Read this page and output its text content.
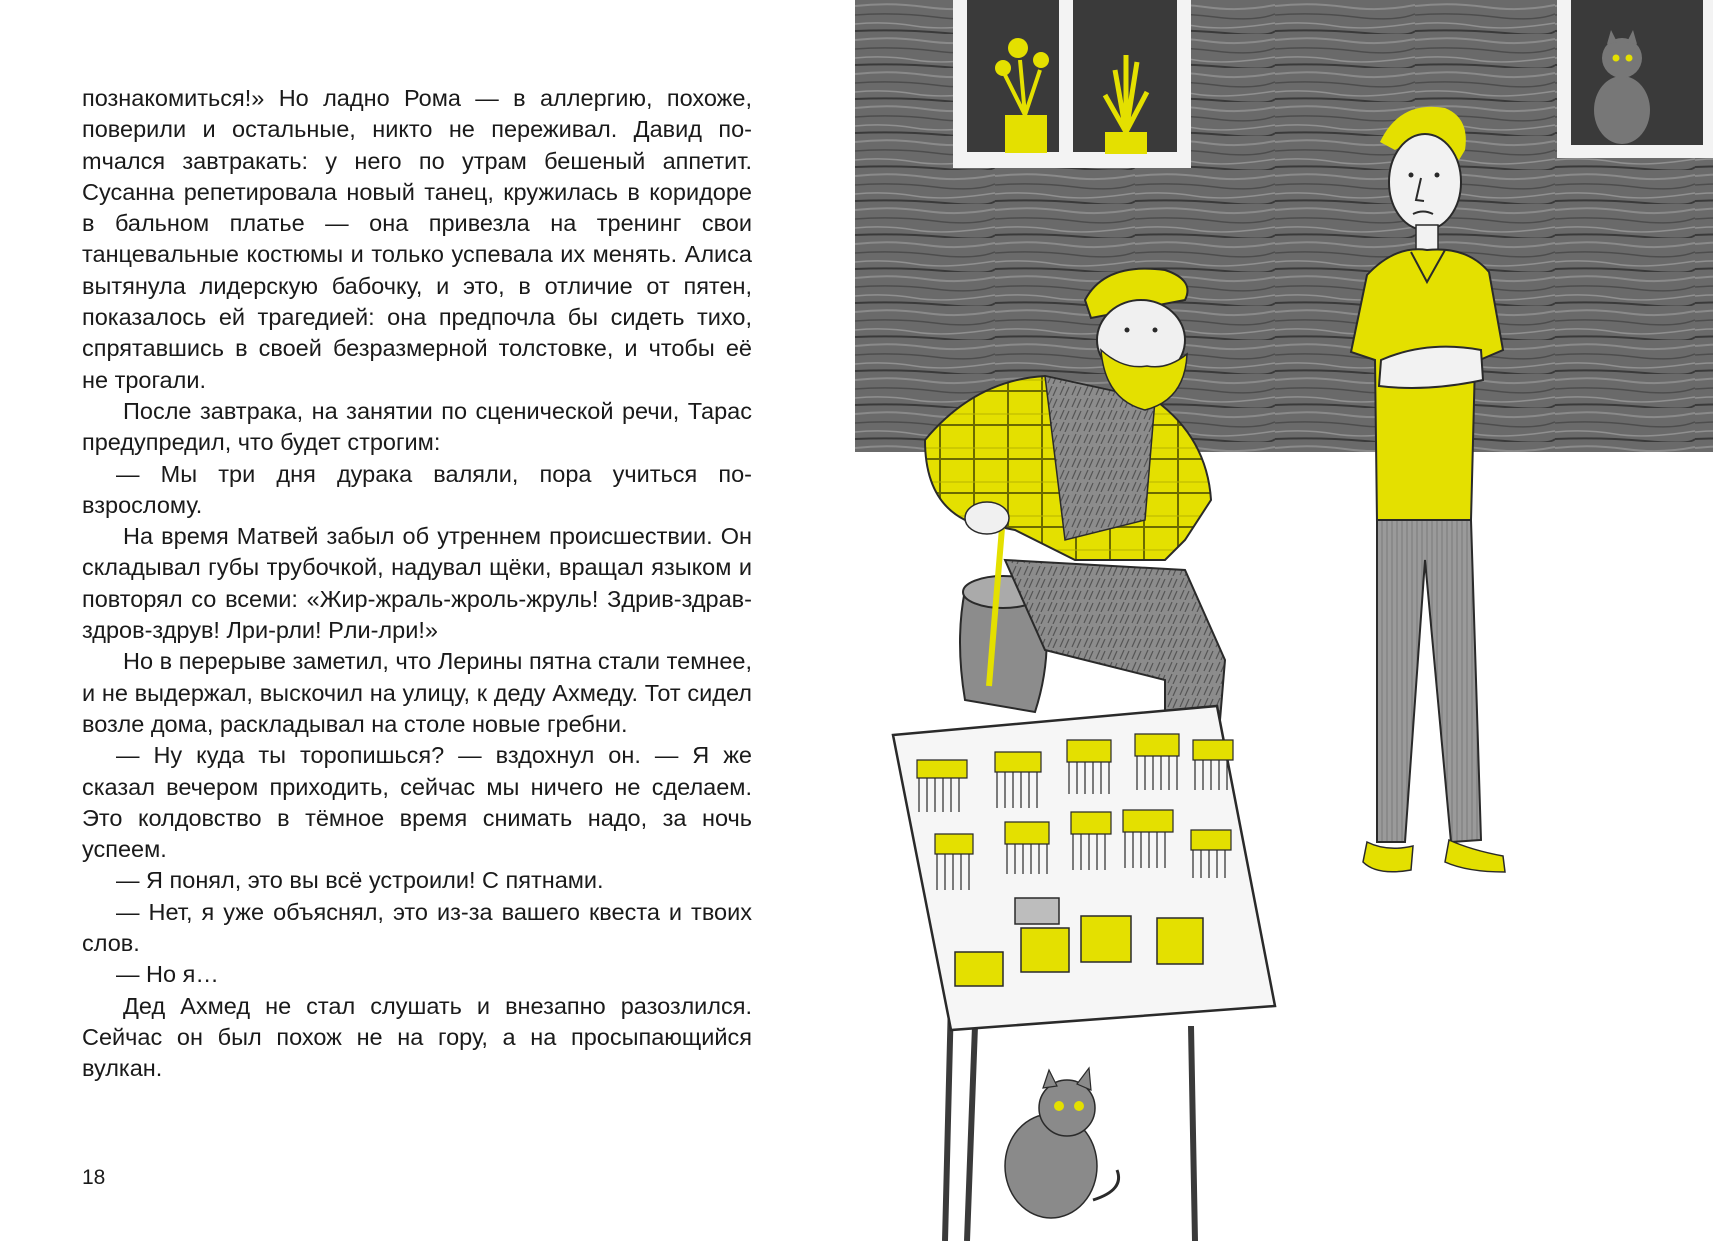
познакомиться!» Но ладно Рома — в аллергию, похоже, поверили и остальные, никто не переживал. Давид поmчался завтракать: у него по утрам бешеный аппетит. Сусанна репетировала новый танец, кружилась в коридоре в бальном платье — она привезла на тренинг свои танцевальные костюмы и только успевала их менять. Алиса вытянула лидерскую бабочку, и это, в отличие от пятен, показалось ей трагедией: она предпочла бы сидеть тихо, спрятавшись в своей безразмерной толстовке, и чтобы её не трогали.

После завтрака, на занятии по сценической речи, Тарас предупредил, что будет строгим:

— Мы три дня дурака валяли, пора учиться по-взрослому.

На время Матвей забыл об утреннем происшествии. Он складывал губы трубочкой, надувал щёки, вращал языком и повторял со всеми: «Жир-жраль-жроль-жруль! Здрив-здрав-здров-здрув! Лри-рли! Рли-лри!»

Но в перерыве заметил, что Лерины пятна стали темнее, и не выдержал, выскочил на улицу, к деду Ахмеду. Тот сидел возле дома, раскладывал на столе новые гребни.

— Ну куда ты торопишься? — вздохнул он. — Я же сказал вечером приходить, сейчас мы ничего не сделаем. Это колдовство в тёмное время снимать надо, за ночь успеем.

— Я понял, это вы всё устроили! С пятнами.

— Нет, я уже объяснял, это из-за вашего квеста и твоих слов.

— Но я…

Дед Ахмед не стал слушать и внезапно разозлился. Сейчас он был похож не на гору, а на просыпающийся вулкан.

18
